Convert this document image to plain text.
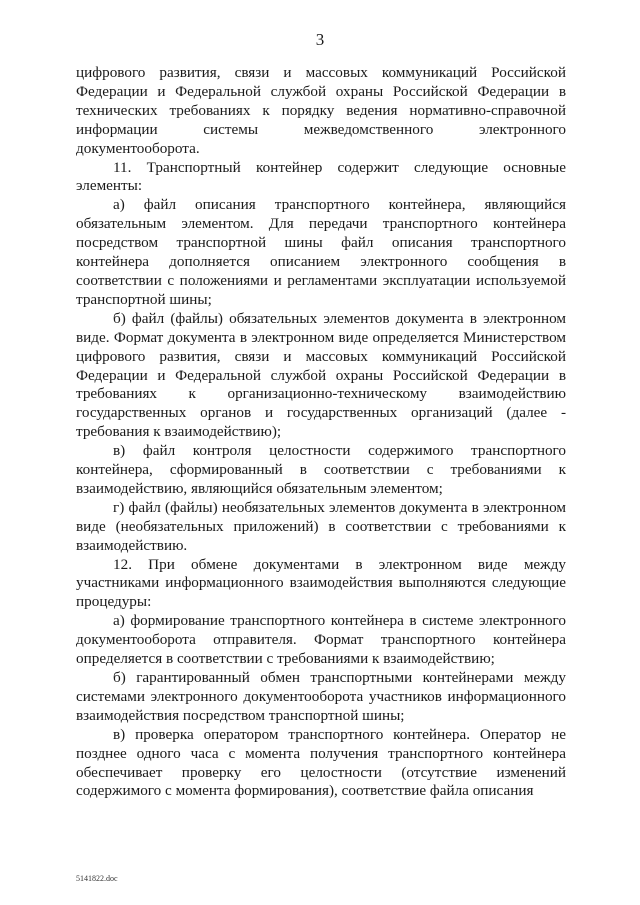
3

цифрового развития, связи и массовых коммуникаций Российской Федерации и Федеральной службой охраны Российской Федерации в технических требованиях к порядку ведения нормативно-справочной информации системы межведомственного электронного документооборота.

11. Транспортный контейнер содержит следующие основные элементы:

а) файл описания транспортного контейнера, являющийся обязательным элементом. Для передачи транспортного контейнера посредством транспортной шины файл описания транспортного контейнера дополняется описанием электронного сообщения в соответствии с положениями и регламентами эксплуатации используемой транспортной шины;

б) файл (файлы) обязательных элементов документа в электронном виде. Формат документа в электронном виде определяется Министерством цифрового развития, связи и массовых коммуникаций Российской Федерации и Федеральной службой охраны Российской Федерации в требованиях к организационно-техническому взаимодействию государственных органов и государственных организаций (далее - требования к взаимодействию);

в) файл контроля целостности содержимого транспортного контейнера, сформированный в соответствии с требованиями к взаимодействию, являющийся обязательным элементом;

г) файл (файлы) необязательных элементов документа в электронном виде (необязательных приложений) в соответствии с требованиями к взаимодействию.

12. При обмене документами в электронном виде между участниками информационного взаимодействия выполняются следующие процедуры:

а) формирование транспортного контейнера в системе электронного документооборота отправителя. Формат транспортного контейнера определяется в соответствии с требованиями к взаимодействию;

б) гарантированный обмен транспортными контейнерами между системами электронного документооборота участников информационного взаимодействия посредством транспортной шины;

в) проверка оператором транспортного контейнера. Оператор не позднее одного часа с момента получения транспортного контейнера обеспечивает проверку его целостности (отсутствие изменений содержимого с момента формирования), соответствие файла описания

5141822.doc
